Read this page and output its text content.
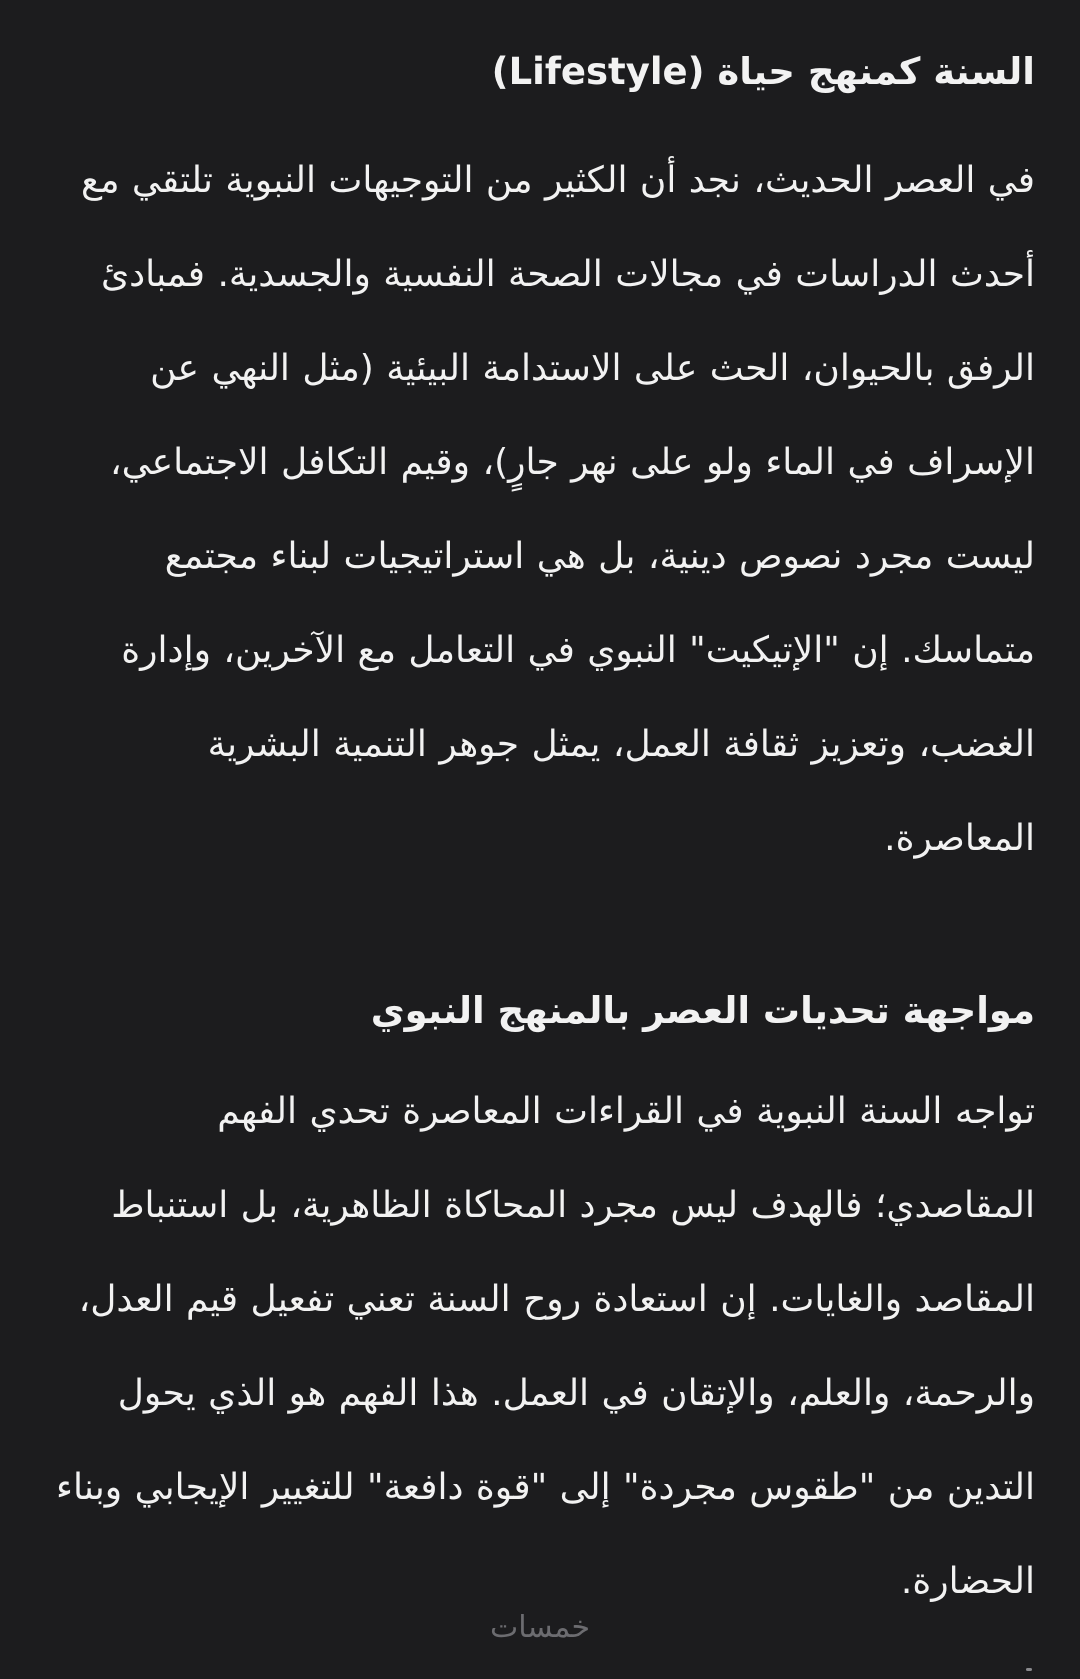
السنة كمنهج حياة (Lifestyle)

في العصر الحديث، نجد أن الكثير من التوجيهات النبوية تلتقي مع أحدث الدراسات في مجالات الصحة النفسية والجسدية. فمبادئ الرفق بالحيوان، الحث على الاستدامة البيئية (مثل النهي عن الإسراف في الماء ولو على نهر جارٍ)، وقيم التكافل الاجتماعي، ليست مجرد نصوص دينية، بل هي استراتيجيات لبناء مجتمع متماسك. إن "الإتيكيت" النبوي في التعامل مع الآخرين، وإدارة الغضب، وتعزيز ثقافة العمل، يمثل جوهر التنمية البشرية المعاصرة.

مواجهة تحديات العصر بالمنهج النبوي

تواجه السنة النبوية في القراءات المعاصرة تحدي الفهم المقاصدي؛ فالهدف ليس مجرد المحاكاة الظاهرية، بل استنباط المقاصد والغايات. إن استعادة روح السنة تعني تفعيل قيم العدل، والرحمة، والعلم، والإتقان في العمل. هذا الفهم هو الذي يحول التدين من "طقوس مجردة" إلى "قوة دافعة" للتغيير الإيجابي وبناء الحضارة.

خمسات
